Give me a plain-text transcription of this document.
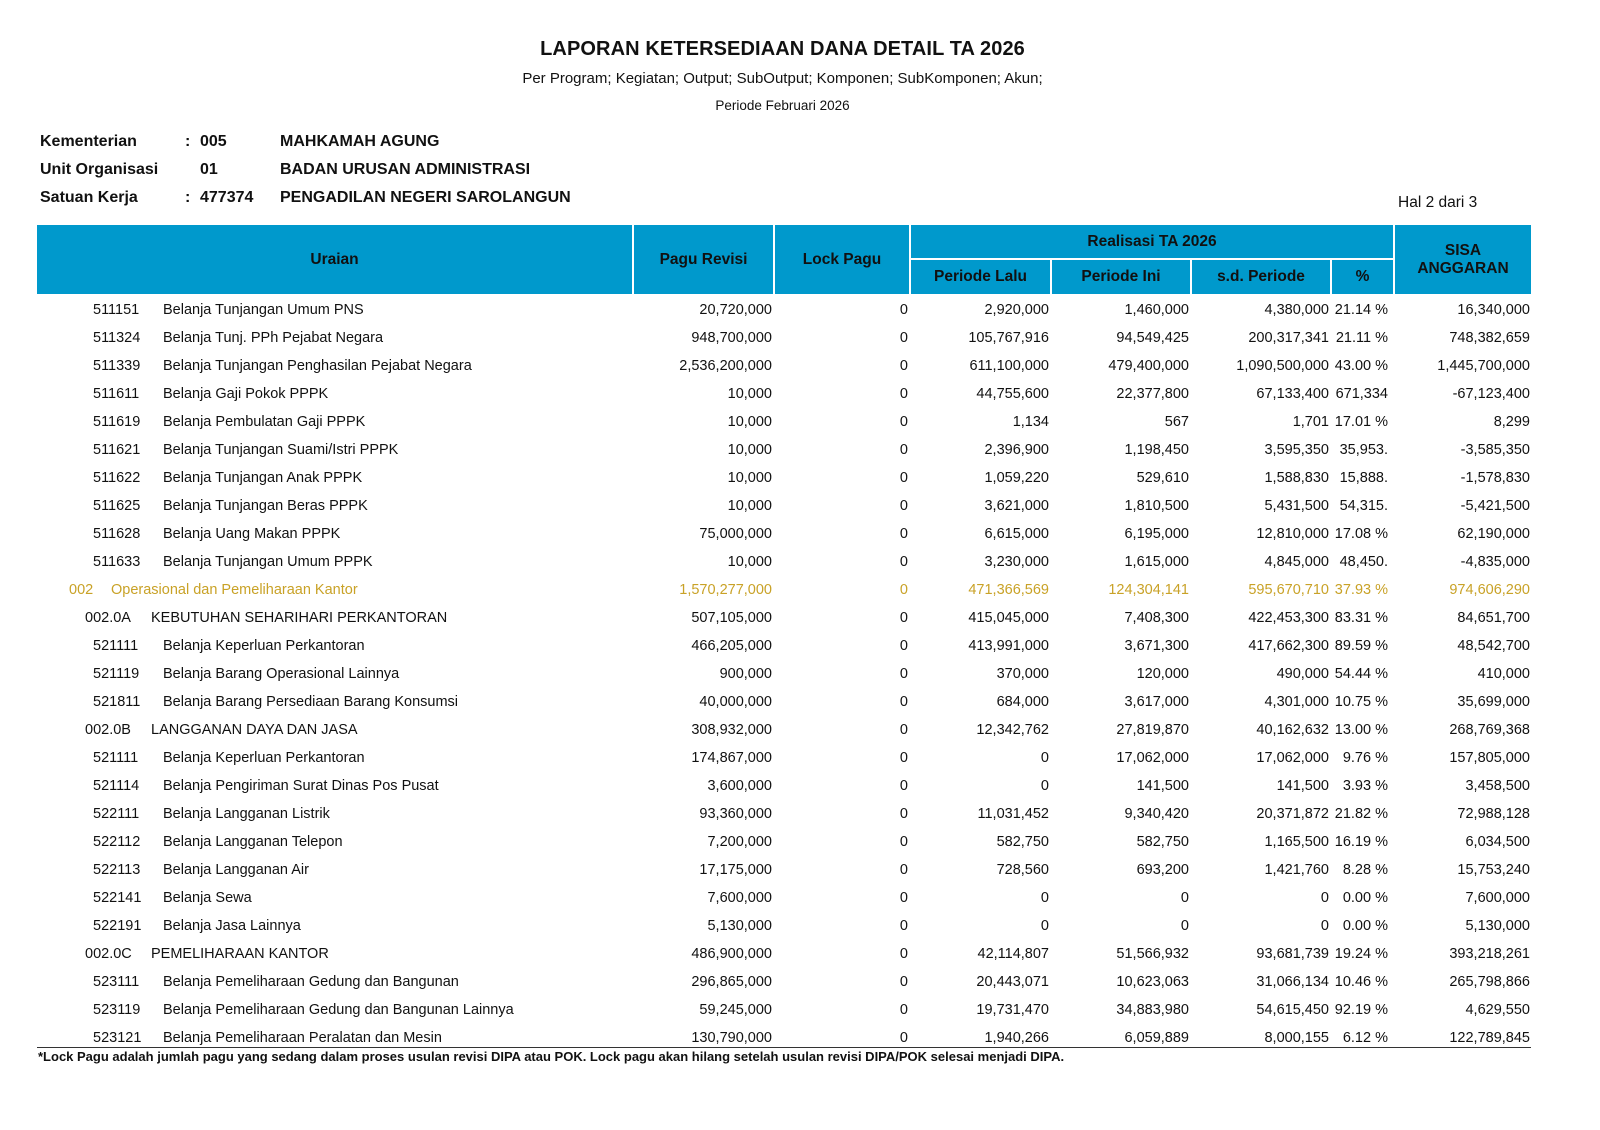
LAPORAN KETERSEDIAAN DANA DETAIL TA 2026
Per Program; Kegiatan; Output; SubOutput; Komponen; SubKomponen; Akun;
Periode Februari 2026
Kementerian	: 005	MAHKAMAH AGUNG
Unit Organisasi	01	BADAN URUSAN ADMINISTRASI
Satuan Kerja	: 477374 PENGADILAN NEGERI SAROLANGUN	Hal 2 dari 3
Uraian	Pagu Revisi	Lock Pagu	Realisasi TA 2026				SISA
ANGGARAN

			Periode Lalu	Periode Ini	s.d. Periode	%	
511151 Belanja Tunjangan Umum PNS	20,720,000	0	2,920,000	1,460,000	4,380,000	21.14 %	16,340,000
511324 Belanja Tunj. PPh Pejabat Negara	948,700,000	0	105,767,916	94,549,425	200,317,341	21.11 %	748,382,659
511339 Belanja Tunjangan Penghasilan Pejabat Negara	2,536,200,000	0	611,100,000	479,400,000	1,090,500,000	43.00 %	1,445,700,000
511611 Belanja Gaji Pokok PPPK	10,000	0	44,755,600	22,377,800	67,133,400	671,334	-67,123,400
511619 Belanja Pembulatan Gaji PPPK	10,000	0	1,134	567	1,701	17.01 %	8,299
511621 Belanja Tunjangan Suami/Istri PPPK	10,000	0	2,396,900	1,198,450	3,595,350	35,953.	-3,585,350
511622 Belanja Tunjangan Anak PPPK	10,000	0	1,059,220	529,610	1,588,830	15,888.	-1,578,830
511625 Belanja Tunjangan Beras PPPK	10,000	0	3,621,000	1,810,500	5,431,500	54,315.	-5,421,500
511628 Belanja Uang Makan PPPK	75,000,000	0	6,615,000	6,195,000	12,810,000	17.08 %	62,190,000
511633 Belanja Tunjangan Umum PPPK	10,000	0	3,230,000	1,615,000	4,845,000	48,450.	-4,835,000
002 Operasional dan Pemeliharaan Kantor	1,570,277,000	0	471,366,569	124,304,141	595,670,710	37.93 %	974,606,290
002.0A KEBUTUHAN SEHARIHARI PERKANTORAN	507,105,000	0	415,045,000	7,408,300	422,453,300	83.31 %	84,651,700
521111 Belanja Keperluan Perkantoran	466,205,000	0	413,991,000	3,671,300	417,662,300	89.59 %	48,542,700
521119 Belanja Barang Operasional Lainnya	900,000	0	370,000	120,000	490,000	54.44 %	410,000
521811 Belanja Barang Persediaan Barang Konsumsi	40,000,000	0	684,000	3,617,000	4,301,000	10.75 %	35,699,000
002.0B LANGGANAN DAYA DAN JASA	308,932,000	0	12,342,762	27,819,870	40,162,632	13.00 %	268,769,368
521111 Belanja Keperluan Perkantoran	174,867,000	0	0	17,062,000	17,062,000	9.76 %	157,805,000
521114 Belanja Pengiriman Surat Dinas Pos Pusat	3,600,000	0	0	141,500	141,500	3.93 %	3,458,500
522111 Belanja Langganan Listrik	93,360,000	0	11,031,452	9,340,420	20,371,872	21.82 %	72,988,128
522112 Belanja Langganan Telepon	7,200,000	0	582,750	582,750	1,165,500	16.19 %	6,034,500
522113 Belanja Langganan Air	17,175,000	0	728,560	693,200	1,421,760	8.28 %	15,753,240
522141 Belanja Sewa	7,600,000	0	0	0	0	0.00 %	7,600,000
522191 Belanja Jasa Lainnya	5,130,000	0	0	0	0	0.00 %	5,130,000
002.0C PEMELIHARAAN KANTOR	486,900,000	0	42,114,807	51,566,932	93,681,739	19.24 %	393,218,261
523111 Belanja Pemeliharaan Gedung dan Bangunan	296,865,000	0	20,443,071	10,623,063	31,066,134	10.46 %	265,798,866
523119 Belanja Pemeliharaan Gedung dan Bangunan Lainnya	59,245,000	0	19,731,470	34,883,980	54,615,450	92.19 %	4,629,550
523121 Belanja Pemeliharaan Peralatan dan Mesin	130,790,000	0	1,940,266	6,059,889	8,000,155	6.12 %	122,789,845
*Lock Pagu adalah jumlah pagu yang sedang dalam proses usulan revisi DIPA atau POK. Lock pagu akan hilang setelah usulan revisi DIPA/POK selesai menjadi DIPA.
